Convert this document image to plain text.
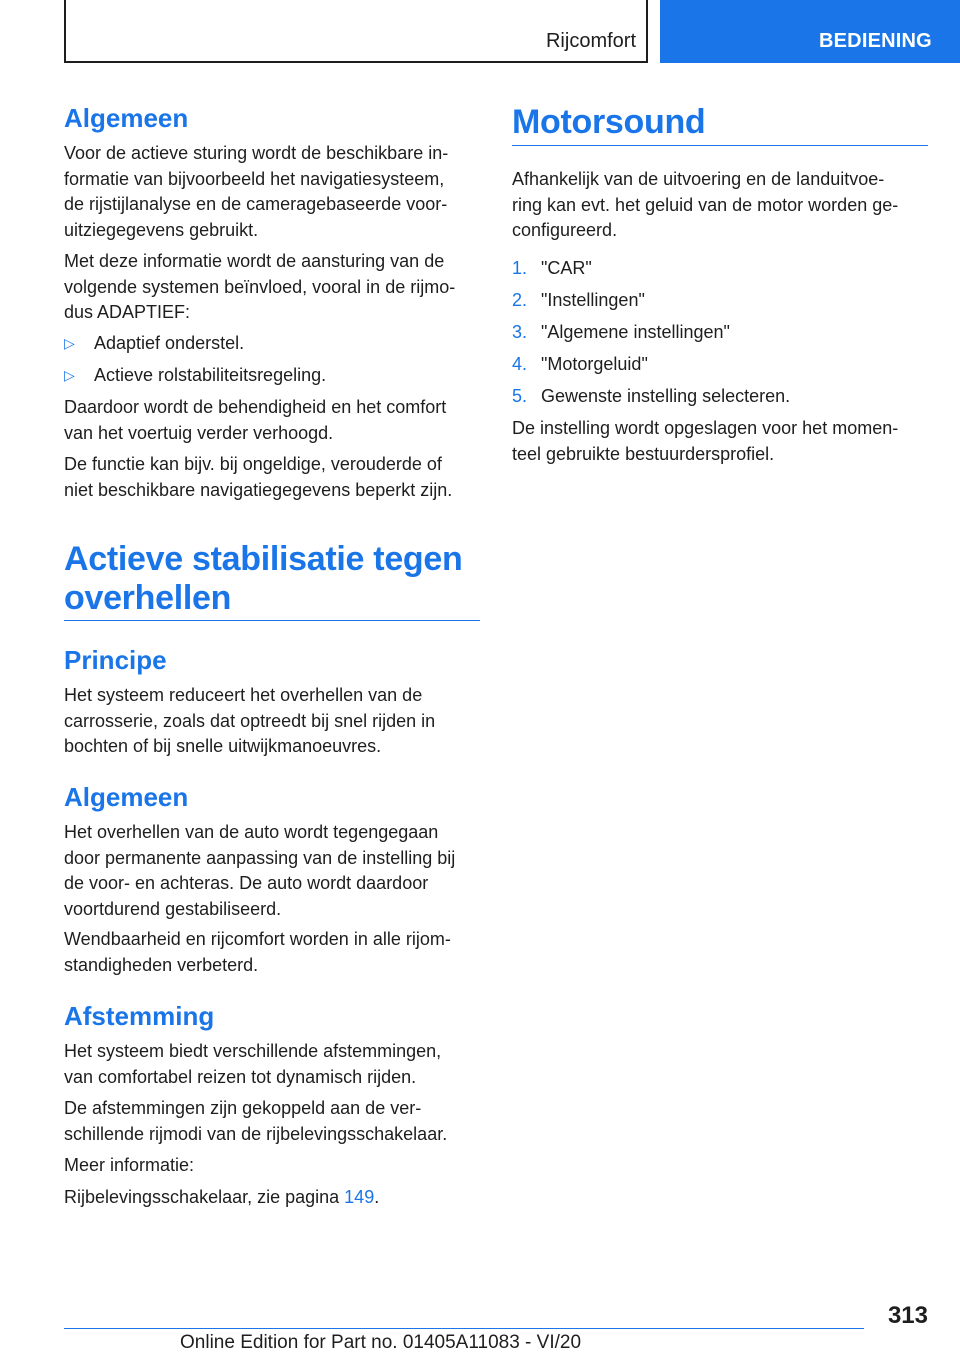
Rijcomfort	BEDIENING
Algemeen
Voor de actieve sturing wordt de beschikbare in-
formatie van bijvoorbeeld het navigatiesysteem,
de rijstijlanalyse en de cameragebaseerde voor-
uitziegegevens gebruikt.
Met deze informatie wordt de aansturing van de
volgende systemen beïnvloed, vooral in de rijmo-
dus ADAPTIEF:
▷ Adaptief onderstel.
▷ Actieve rolstabiliteitsregeling.
Daardoor wordt de behendigheid en het comfort
van het voertuig verder verhoogd.
De functie kan bijv. bij ongeldige, verouderde of
niet beschikbare navigatiegegevens beperkt zijn.
Actieve stabilisatie tegen
overhellen
Principe
Het systeem reduceert het overhellen van de
carrosserie, zoals dat optreedt bij snel rijden in
bochten of bij snelle uitwijkmanoeuvres.
Algemeen
Het overhellen van de auto wordt tegengegaan
door permanente aanpassing van de instelling bij
de voor- en achteras. De auto wordt daardoor
voortdurend gestabiliseerd.
Wendbaarheid en rijcomfort worden in alle rijom-
standigheden verbeterd.
Afstemming
Het systeem biedt verschillende afstemmingen,
van comfortabel reizen tot dynamisch rijden.
De afstemmingen zijn gekoppeld aan de ver-
schillende rijmodi van de rijbelevingsschakelaar.
Meer informatie:
Rijbelevingsschakelaar, zie pagina 149.
Motorsound
Afhankelijk van de uitvoering en de landuitvoe-
ring kan evt. het geluid van de motor worden ge-
configureerd.
1. "CAR"
2. "Instellingen"
3. "Algemene instellingen"
4. "Motorgeluid"
5. Gewenste instelling selecteren.
De instelling wordt opgeslagen voor het momen-
teel gebruikte bestuurdersprofiel.
313
Online Edition for Part no. 01405A11083 - VI/20
